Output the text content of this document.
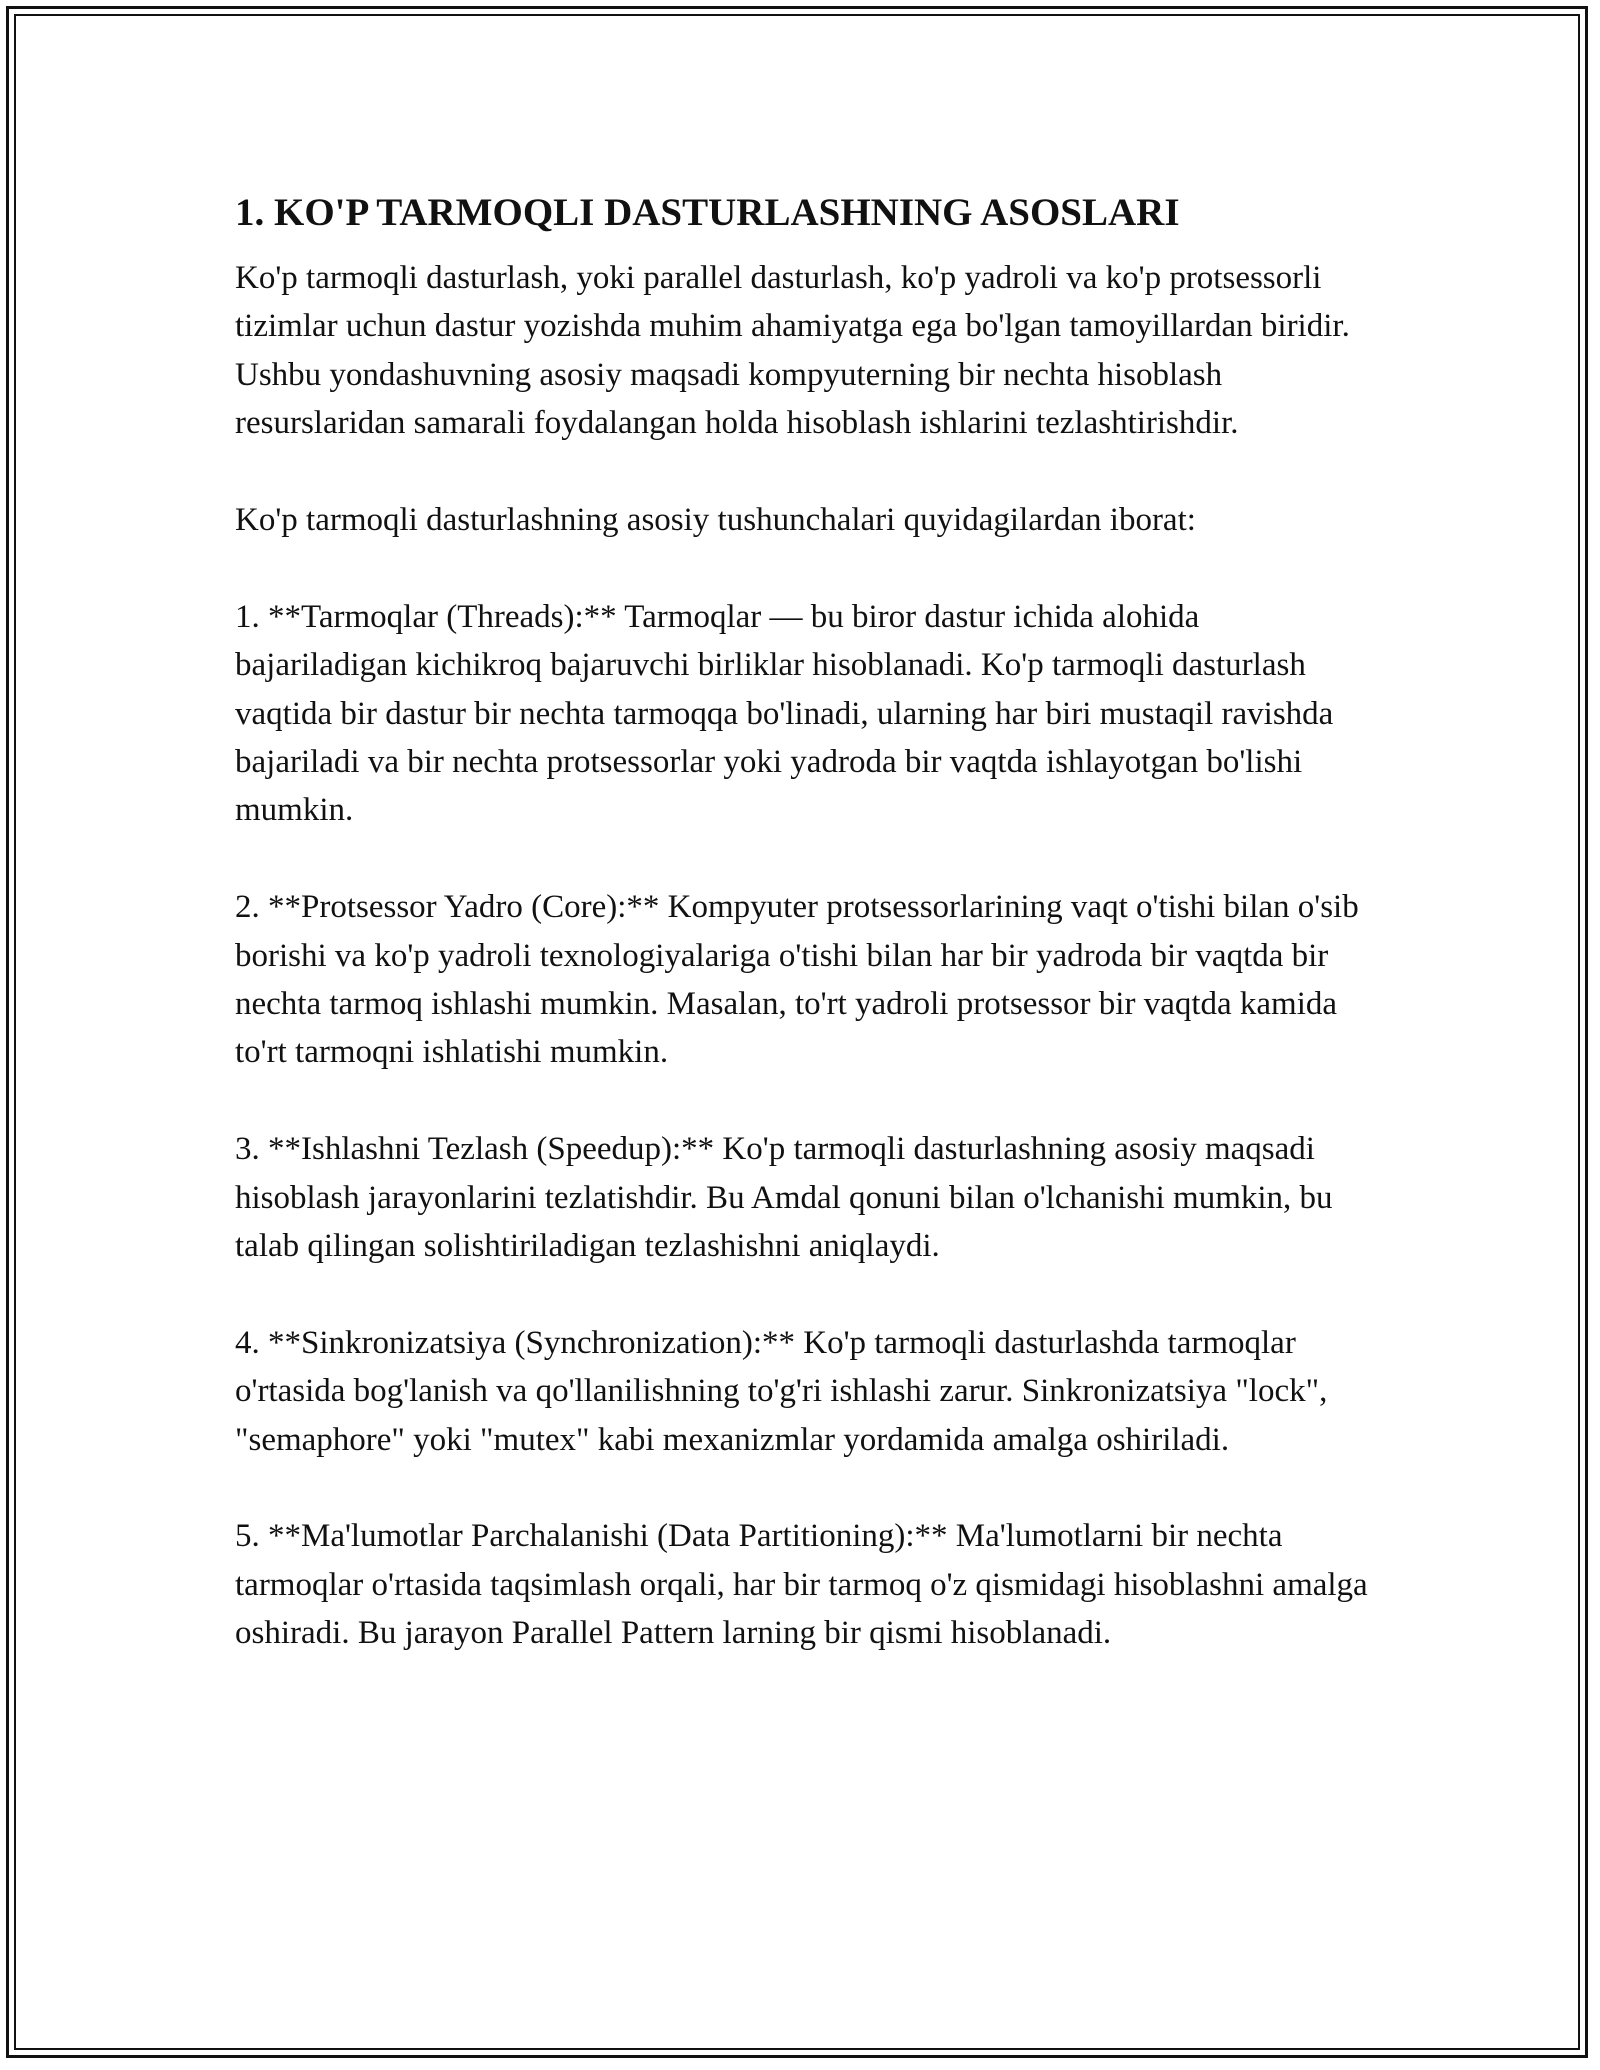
1. KO'P TARMOQLI DASTURLASHNING ASOSLARI

Ko'p tarmoqli dasturlash, yoki parallel dasturlash, ko'p yadroli va ko'p protsessorli tizimlar uchun dastur yozishda muhim ahamiyatga ega bo'lgan tamoyillardan biridir. Ushbu yondashuvning asosiy maqsadi kompyuterning bir nechta hisoblash resurslaridan samarali foydalangan holda hisoblash ishlarini tezlashtirishdir.

Ko'p tarmoqli dasturlashning asosiy tushunchalari quyidagilardan iborat:

1. **Tarmoqlar (Threads):** Tarmoqlar — bu biror dastur ichida alohida bajariladigan kichikroq bajaruvchi birliklar hisoblanadi. Ko'p tarmoqli dasturlash vaqtida bir dastur bir nechta tarmoqqa bo'linadi, ularning har biri mustaqil ravishda bajariladi va bir nechta protsessorlar yoki yadroda bir vaqtda ishlayotgan bo'lishi mumkin.

2. **Protsessor Yadro (Core):** Kompyuter protsessorlarining vaqt o'tishi bilan o'sib borishi va ko'p yadroli texnologiyalariga o'tishi bilan har bir yadroda bir vaqtda bir nechta tarmoq ishlashi mumkin. Masalan, to'rt yadroli protsessor bir vaqtda kamida to'rt tarmoqni ishlatishi mumkin.

3. **Ishlashni Tezlash (Speedup):** Ko'p tarmoqli dasturlashning asosiy maqsadi hisoblash jarayonlarini tezlatishdir. Bu Amdal qonuni bilan o'lchanishi mumkin, bu talab qilingan solishtiriladigan tezlashishni aniqlaydi.

4. **Sinkronizatsiya (Synchronization):** Ko'p tarmoqli dasturlashda tarmoqlar o'rtasida bog'lanish va qo'llanilishning to'g'ri ishlashi zarur. Sinkronizatsiya "lock", "semaphore" yoki "mutex" kabi mexanizmlar yordamida amalga oshiriladi.

5. **Ma'lumotlar Parchalanishi (Data Partitioning):** Ma'lumotlarni bir nechta tarmoqlar o'rtasida taqsimlash orqali, har bir tarmoq o'z qismidagi hisoblashni amalga oshiradi. Bu jarayon Parallel Pattern larning bir qismi hisoblanadi.
